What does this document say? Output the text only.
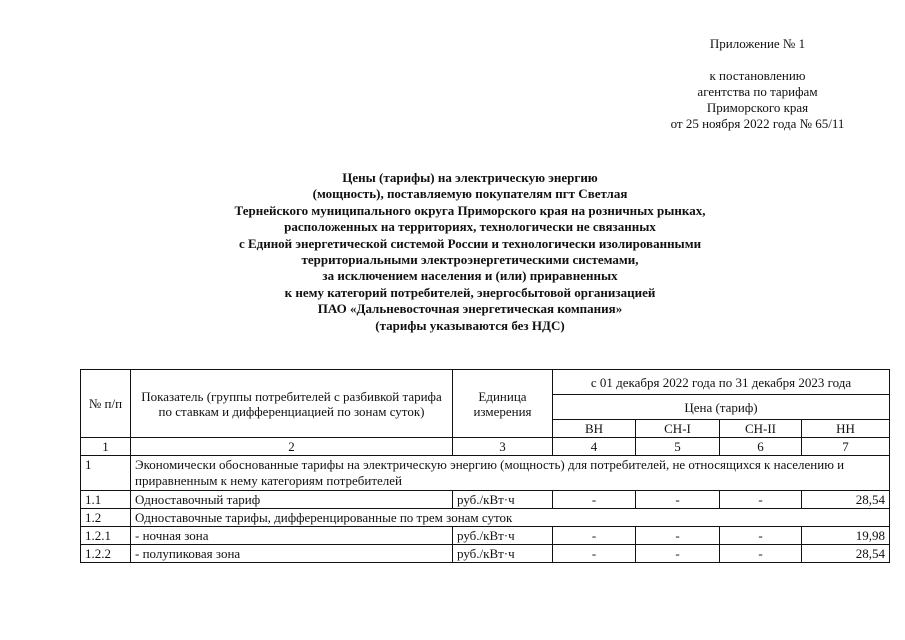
Приложение № 1
к постановлению
агентства по тарифам
Приморского края
от 25 ноября 2022 года № 65/11
Цены (тарифы) на электрическую энергию
(мощность), поставляемую покупателям пгт Светлая
Тернейского муниципального округа Приморского края на розничных рынках,
расположенных на территориях, технологически не связанных
с Единой энергетической системой России и технологически изолированными
территориальными электроэнергетическими системами,
за исключением населения и (или) приравненных
к нему категорий потребителей, энергосбытовой организацией
ПАО «Дальневосточная энергетическая компания»
(тарифы указываются без НДС)
№ п/п	Показатель (группы потребителей с разбивкой тарифа по ставкам и дифференциацией по зонам суток)	Единица измерения	с 01 декабря 2022 года по 31 декабря 2023 года			
			Цена (тариф)			
			ВН	СН-I	СН-II	НН
1	2	3	4	5	6	7
1	Экономически обоснованные тарифы на электрическую энергию (мощность) для потребителей, не относящихся к населению и приравненным к нему категориям потребителей					
1.1	Одноставочный тариф	руб./кВт·ч	-	-	-	28,54
1.2	Одноставочные тарифы, дифференцированные по трем зонам суток					
1.2.1	- ночная зона	руб./кВт·ч	-	-	-	19,98
1.2.2	- полупиковая зона	руб./кВт·ч	-	-	-	28,54
